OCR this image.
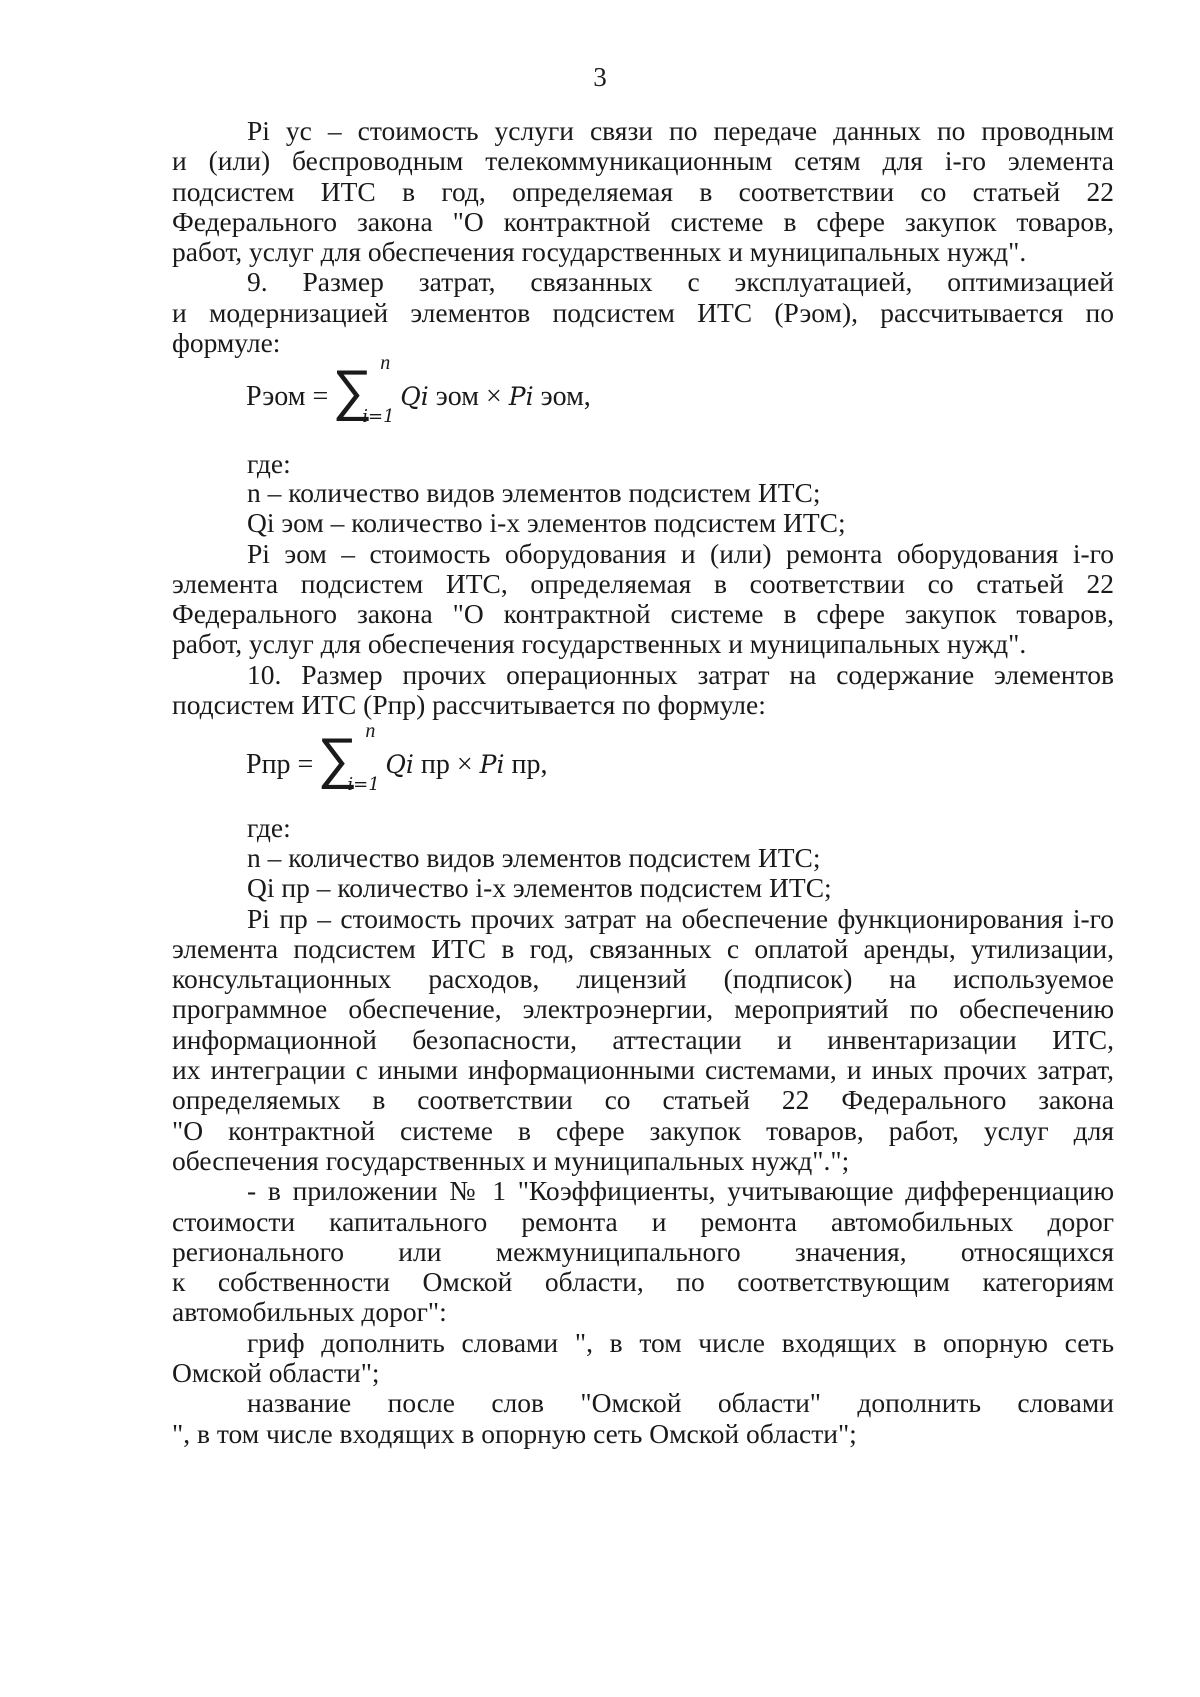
3
Pi ус – стоимость услуги связи по передаче данных по проводным
и (или) беспроводным телекоммуникационным сетям для i-го элемента
подсистем ИТС в год, определяемая в соответствии со статьей 22
Федерального закона "О контрактной системе в сфере закупок товаров,
работ, услуг для обеспечения государственных и муниципальных нужд".
9. Размер затрат, связанных с эксплуатацией, оптимизацией
и модернизацией элементов подсистем ИТС (Рэом), рассчитывается по
формуле:
Рэом = ∑ n
i=1
Qi эом × Pi эом,
где:
n – количество видов элементов подсистем ИТС;
Qi эом – количество i-х элементов подсистем ИТС;
Pi эом – стоимость оборудования и (или) ремонта оборудования i-го
элемента подсистем ИТС, определяемая в соответствии со статьей 22
Федерального закона "О контрактной системе в сфере закупок товаров,
работ, услуг для обеспечения государственных и муниципальных нужд".
10. Размер прочих операционных затрат на содержание элементов
подсистем ИТС (Рпр) рассчитывается по формуле:
Рпр = ∑ n
i=1
Qi пр × Pi пр,
где:
n – количество видов элементов подсистем ИТС;
Qi пр – количество i-х элементов подсистем ИТС;
Pi пр – стоимость прочих затрат на обеспечение функционирования i-го
элемента подсистем ИТС в год, связанных с оплатой аренды, утилизации,
консультационных расходов, лицензий (подписок) на используемое
программное обеспечение, электроэнергии, мероприятий по обеспечению
информационной безопасности, аттестации и инвентаризации ИТС,
их интеграции с иными информационными системами, и иных прочих затрат,
определяемых в соответствии со статьей 22 Федерального закона
"О контрактной системе в сфере закупок товаров, работ, услуг для
обеспечения государственных и муниципальных нужд".";
- в приложении № 1 "Коэффициенты, учитывающие дифференциацию
стоимости капитального ремонта и ремонта автомобильных дорог
регионального или межмуниципального значения, относящихся
к собственности Омской области, по соответствующим категориям
автомобильных дорог":
гриф дополнить словами ", в том числе входящих в опорную сеть
Омской области";
название после слов "Омской области" дополнить словами
", в том числе входящих в опорную сеть Омской области";
